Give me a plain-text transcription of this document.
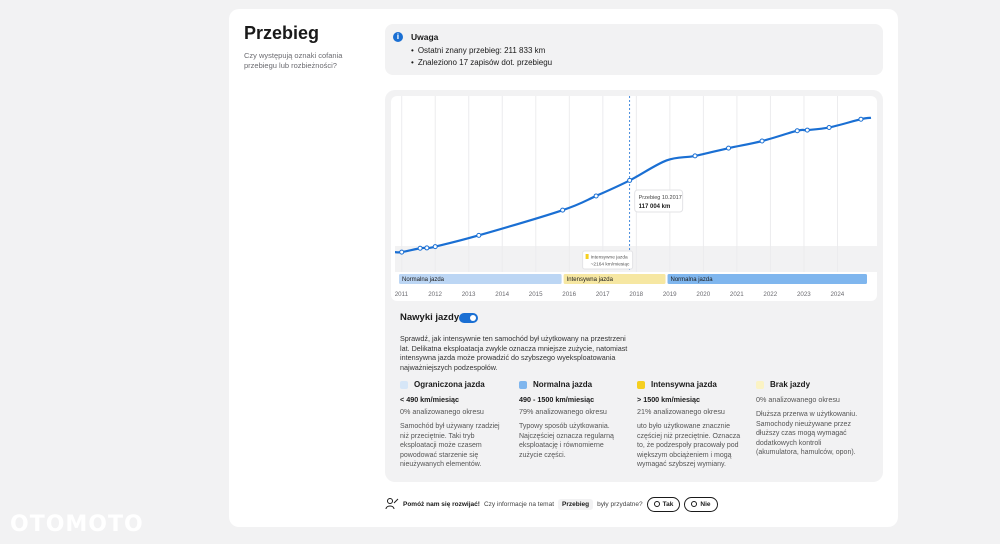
Przebieg
Czy występują oznaki cofania przebiegu lub rozbieżności?
i	Uwaga
• Ostatni znany przebieg: 211 833 km
• Znaleziono 17 zapisów dot. przebiegu
Przebieg 10.2017
117 004 km
Intensywne jazda
~2164 km/miesiąc
Normalna jazda	Intensywna jazda	Normalna jazda
2011	2012	2013	2014	2015	2016	2017	2018	2019	2020	2021	2022	2023	2024
Nawyki jazdy
Sprawdź, jak intensywnie ten samochód był użytkowany na przestrzeni lat. Delikatna eksploatacja zwykle oznacza mniejsze zużycie, natomiast intensywna jazda może prowadzić do szybszego wyeksploatowania najważniejszych podzespołów.
Ograniczona jazda
< 490 km/miesiąc
0% analizowanego okresu
Samochód był używany rzadziej niż przeciętnie. Taki tryb eksploatacji może czasem powodować starzenie się nieużywanych elementów.
Normalna jazda
490 - 1500 km/miesiąc
79% analizowanego okresu
Typowy sposób użytkowania. Najczęściej oznacza regularną eksploatację i równomierne zużycie części.
Intensywna jazda
> 1500 km/miesiąc
21% analizowanego okresu
uto było użytkowane znacznie częściej niż przeciętnie. Oznacza to, że podzespoły pracowały pod większym obciążeniem i mogą wymagać szybszej wymiany.
Brak jazdy
0% analizowanego okresu
Dłuższa przerwa w użytkowaniu. Samochody nieużywane przez dłuższy czas mogą wymagać dodatkowych kontroli (akumulatora, hamulców, opon).
Pomóż nam się rozwijać! Czy informacje na temat	Przebieg	były przydatne?	Tak	Nie
OTOMOTO
